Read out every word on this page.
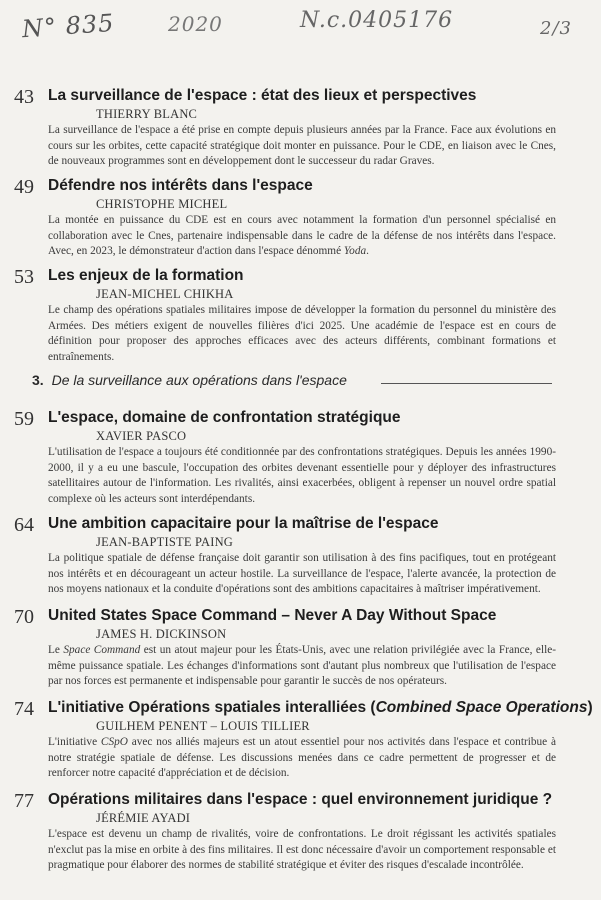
N° 835	2020	N.c.0405176	2/3
43 La surveillance de l'espace : état des lieux et perspectives
THIERRY BLANC
La surveillance de l'espace a été prise en compte depuis plusieurs années par la France. Face aux évolutions en cours sur les orbites, cette capacité stratégique doit monter en puissance. Pour le CDE, en liaison avec le Cnes, de nouveaux programmes sont en développement dont le successeur du radar Graves.
49 Défendre nos intérêts dans l'espace
CHRISTOPHE MICHEL
La montée en puissance du CDE est en cours avec notamment la formation d'un personnel spécialisé en collaboration avec le Cnes, partenaire indispensable dans le cadre de la défense de nos intérêts dans l'espace. Avec, en 2023, le démonstrateur d'action dans l'espace dénommé Yoda.
53 Les enjeux de la formation
JEAN-MICHEL CHIKHA
Le champ des opérations spatiales militaires impose de développer la formation du personnel du ministère des Armées. Des métiers exigent de nouvelles filières d'ici 2025. Une académie de l'espace est en cours de définition pour proposer des approches efficaces avec des acteurs différents, combinant formations et entraînements.
3. De la surveillance aux opérations dans l'espace
59 L'espace, domaine de confrontation stratégique
XAVIER PASCO
L'utilisation de l'espace a toujours été conditionnée par des confrontations stratégiques. Depuis les années 1990-2000, il y a eu une bascule, l'occupation des orbites devenant essentielle pour y déployer des infrastructures satellitaires autour de l'information. Les rivalités, ainsi exacerbées, obligent à repenser un nouvel ordre spatial complexe où les acteurs sont interdépendants.
64 Une ambition capacitaire pour la maîtrise de l'espace
JEAN-BAPTISTE PAING
La politique spatiale de défense française doit garantir son utilisation à des fins pacifiques, tout en protégeant nos intérêts et en décourageant un acteur hostile. La surveillance de l'espace, l'alerte avancée, la protection de nos moyens nationaux et la conduite d'opérations sont des ambitions capacitaires à maîtriser impérativement.
70 United States Space Command – Never A Day Without Space
JAMES H. DICKINSON
Le Space Command est un atout majeur pour les États-Unis, avec une relation privilégiée avec la France, elle-même puissance spatiale. Les échanges d'informations sont d'autant plus nombreux que l'utilisation de l'espace par nos forces est permanente et indispensable pour garantir le succès de nos opérateurs.
74 L'initiative Opérations spatiales interalliées (Combined Space Operations)
GUILHEM PENENT – LOUIS TILLIER
L'initiative CSpO avec nos alliés majeurs est un atout essentiel pour nos activités dans l'espace et contribue à notre stratégie spatiale de défense. Les discussions menées dans ce cadre permettent de progresser et de renforcer notre capacité d'appréciation et de décision.
77 Opérations militaires dans l'espace : quel environnement juridique ?
JÉRÉMIE AYADI
L'espace est devenu un champ de rivalités, voire de confrontations. Le droit régissant les activités spatiales n'exclut pas la mise en orbite à des fins militaires. Il est donc nécessaire d'avoir un comportement responsable et pragmatique pour élaborer des normes de stabilité stratégique et éviter des risques d'escalade incontrôlée.
